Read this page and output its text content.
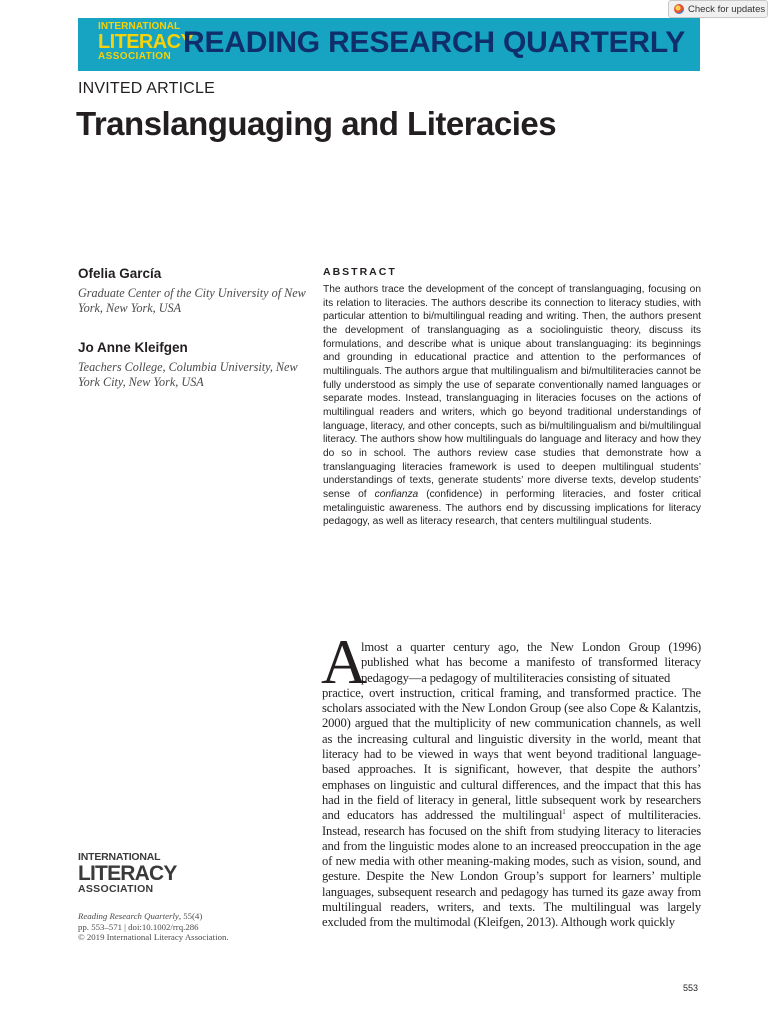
INTERNATIONAL
LITERACY
ASSOCIATION READING RESEARCH QUARTERLY
Check for updates
INVITED ARTICLE
Translanguaging and Literacies
Ofelia García
Graduate Center of the City University of New York, New York, USA
Jo Anne Kleifgen
Teachers College, Columbia University, New York City, New York, USA
ABSTRACT
The authors trace the development of the concept of translanguaging, focusing on its relation to literacies. The authors describe its connection to literacy studies, with particular attention to bi/multilingual reading and writing. Then, the authors present the development of translanguaging as a sociolinguistic theory, discuss its formulations, and describe what is unique about translanguaging: its beginnings and grounding in educational practice and attention to the performances of multilinguals. The authors argue that multilingualism and bi/multiliteracies cannot be fully understood as simply the use of separate conventionally named languages or separate modes. Instead, translanguaging in literacies focuses on the actions of multilingual readers and writers, which go beyond traditional understandings of language, literacy, and other concepts, such as bi/multilingualism and bi/multilingual literacy. The authors show how multilinguals do language and literacy and how they do so in school. The authors review case studies that demonstrate how a translanguaging literacies framework is used to deepen multilingual students’ understandings of texts, generate students’ more diverse texts, develop students’ sense of confianza (confidence) in performing literacies, and foster critical metalinguistic awareness. The authors end by discussing implications for literacy pedagogy, as well as literacy research, that centers multilingual students.
A
lmost a quarter century ago, the New London Group (1996) published what has become a manifesto of transformed literacy pedagogy—a pedagogy of multiliteracies consisting of situated
practice, overt instruction, critical framing, and transformed practice. The scholars associated with the New London Group (see also Cope & Kalantzis, 2000) argued that the multiplicity of new communication channels, as well as the increasing cultural and linguistic diversity in the world, meant that literacy had to be viewed in ways that went beyond traditional language-based approaches. It is significant, however, that despite the authors’ emphases on linguistic and cultural differences, and the impact that this has had in the field of literacy in general, little subsequent work by researchers and educators has addressed the multilingual$^1$ aspect of multiliteracies. Instead, research has focused on the shift from studying literacy to literacies and from the linguistic modes alone to an increased preoccupation in the age of new media with other meaning-making modes, such as vision, sound, and gesture. Despite the New London Group’s support for learners’ multiple languages, subsequent research and pedagogy has turned its gaze away from multilingual readers, writers, and texts. The multilingual was largely excluded from the multimodal (Kleifgen, 2013). Although work quickly
INTERNATIONAL
LITERACY
ASSOCIATION
Reading Research Quarterly, 55(4)
pp. 553–571 | doi:10.1002/rrq.286
© 2019 International Literacy Association.
553
